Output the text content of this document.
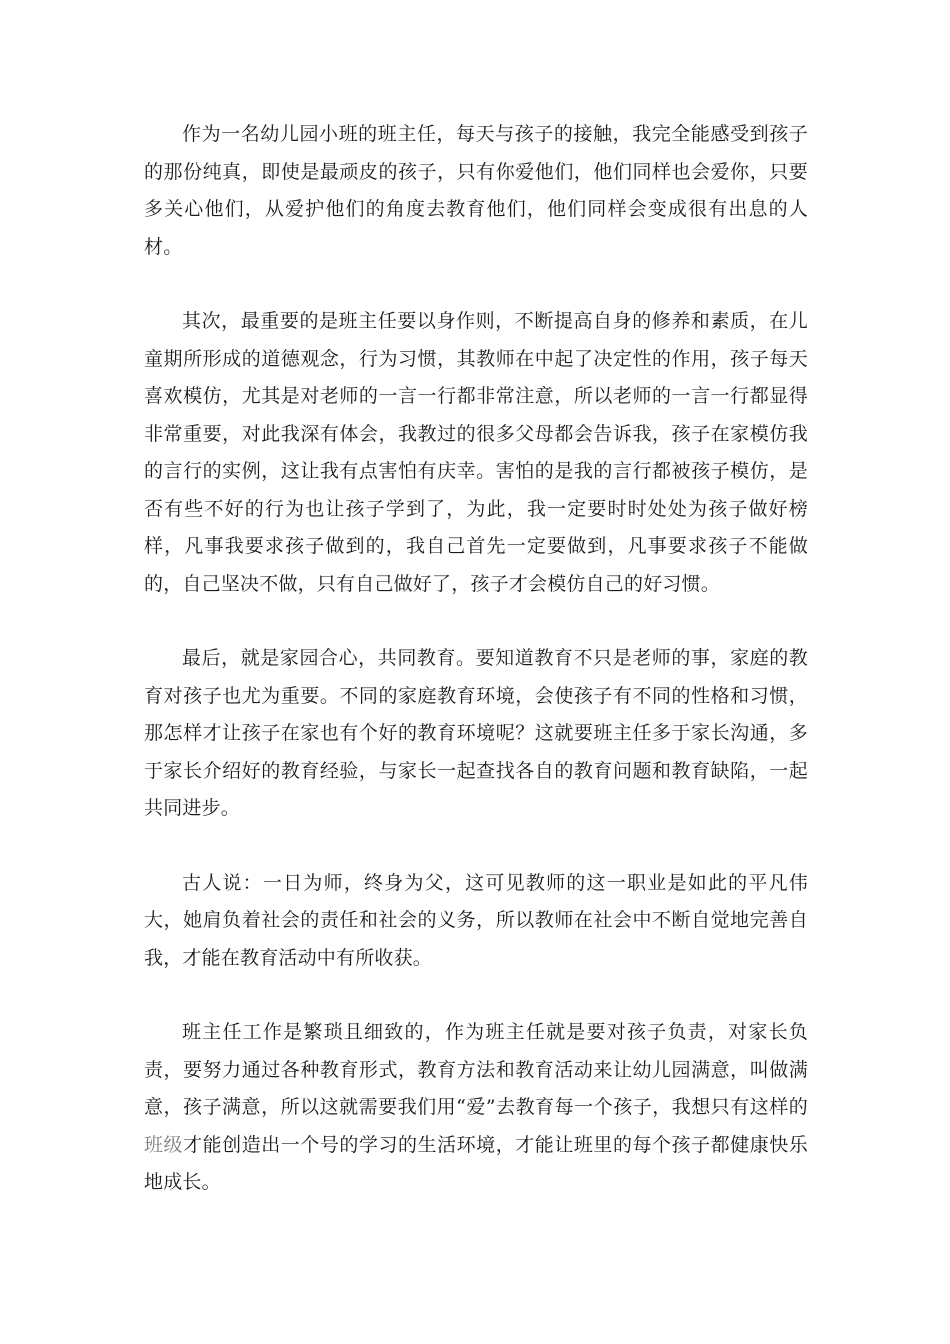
作为一名幼儿园小班的班主任，每天与孩子的接触，我完全能感受到孩子的那份纯真，即使是最顽皮的孩子，只有你爱他们，他们同样也会爱你，只要多关心他们，从爱护他们的角度去教育他们，他们同样会变成很有出息的人材。

其次，最重要的是班主任要以身作则，不断提高自身的修养和素质，在儿童期所形成的道德观念，行为习惯，其教师在中起了决定性的作用，孩子每天喜欢模仿，尤其是对老师的一言一行都非常注意，所以老师的一言一行都显得非常重要，对此我深有体会，我教过的很多父母都会告诉我，孩子在家模仿我的言行的实例，这让我有点害怕有庆幸。害怕的是我的言行都被孩子模仿，是否有些不好的行为也让孩子学到了，为此，我一定要时时处处为孩子做好榜样，凡事我要求孩子做到的，我自己首先一定要做到，凡事要求孩子不能做的，自己坚决不做，只有自己做好了，孩子才会模仿自己的好习惯。

最后，就是家园合心，共同教育。要知道教育不只是老师的事，家庭的教育对孩子也尤为重要。不同的家庭教育环境，会使孩子有不同的性格和习惯，那怎样才让孩子在家也有个好的教育环境呢？这就要班主任多于家长沟通，多于家长介绍好的教育经验，与家长一起查找各自的教育问题和教育缺陷，一起共同进步。

古人说：一日为师，终身为父，这可见教师的这一职业是如此的平凡伟大，她肩负着社会的责任和社会的义务，所以教师在社会中不断自觉地完善自我，才能在教育活动中有所收获。

班主任工作是繁琐且细致的，作为班主任就是要对孩子负责，对家长负责，要努力通过各种教育形式，教育方法和教育活动来让幼儿园满意，叫做满意，孩子满意，所以这就需要我们用“爱”去教育每一个孩子，我想只有这样的班级才能创造出一个号的学习的生活环境，才能让班里的每个孩子都健康快乐地成长。
